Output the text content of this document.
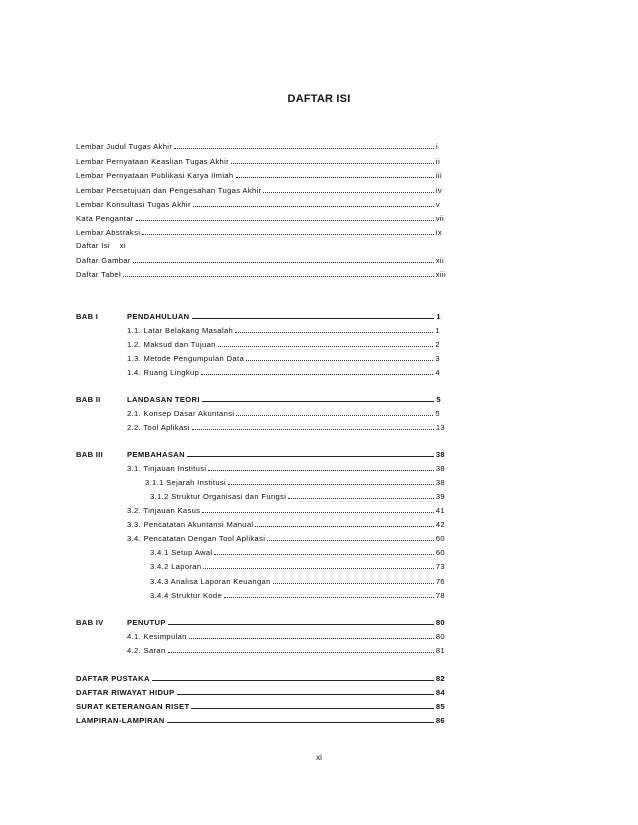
DAFTAR ISI
Lembar Judul Tugas Akhir	i
Lembar Pernyataan Keaslian Tugas Akhir	ii
Lembar Pernyataan Publikasi Karya Ilmiah	iii
Lembar Persetujuan dan Pengesahan Tugas Akhir	iv
Lembar Konsultasi Tugas Akhir	v
Kata Pengantar	vii
Lembar Abstraksi	ix
Daftar Isi xi
Daftar Gambar	xii
Daftar Tabel	xiii
BAB I	PENDAHULUAN	1
1.1. Latar Belakang Masalah	1
1.2. Maksud dan Tujuan	2
1.3. Metode Pengumpulan Data	3
1.4. Ruang Lingkup	4
BAB II	LANDASAN TEORI	5
2.1. Konsep Dasar Akuntansi	5
2.2. Tool Aplikasi	13
BAB III	PEMBAHASAN	38
3.1. Tinjauan Institusi	38
3.1.1 Sejarah Institusi	38
3.1.2 Struktur Organisasi dan Fungsi	39
3.2. Tinjauan Kasus	41
3.3. Pencatatan Akuntansi Manual	42
3.4. Pencatatan Dengan Tool Aplikasi	60
3.4.1 Setup Awal	60
3.4.2 Laporan	73
3.4.3 Analisa Laporan Keuangan	76
3.4.4 Struktur Kode	78
BAB IV	PENUTUP	80
4.1. Kesimpulan	80
4.2. Saran	81
DAFTAR PUSTAKA	82
DAFTAR RIWAYAT HIDUP	84
SURAT KETERANGAN RISET	85
LAMPIRAN-LAMPIRAN	86
xi
